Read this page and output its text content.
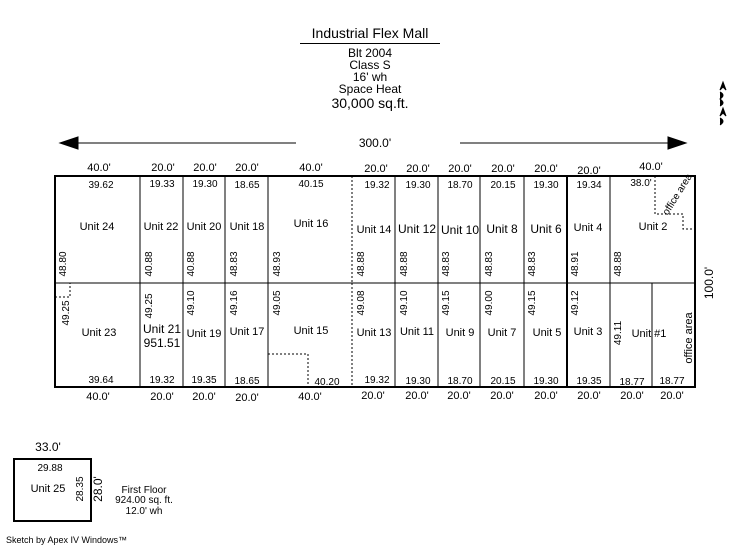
Industrial Flex Mall
Blt 2004
Class S
16' wh
Space Heat
30,000 sq.ft.
300.0'
100.0'
office area
office area
Unit 24	Unit 22 Unit 20 Unit 18	Unit 16	Unit 14 Unit 12 Unit 10 Unit 8 Unit 6 Unit 4	Unit 2
39.62	19.33 19.30 18.65	40.15	19.32 19.30 18.70 20.15 19.30 19.34	38.0'
48.80	40.88	40.88	48.83	48.93	48.88	48.88	48.83	48.83	48.83	48.91	48.88
Unit 23 Unit 21
951.51
Unit 19 Unit 17	Unit 15	Unit 13 Unit 11 Unit 9 Unit 7 Unit 5 Unit 3	Unit #1
39.64	19.32 19.35 18.65	40.20 19.32 19.30 18.70 20.15 19.30 19.35 18.77 18.77
49.25	49.25	49.10	49.16	49.05	49.08	49.10	49.15	49.00	49.15	49.12
49.11
40.0'	20.0' 20.0' 20.0'	40.0'	20.0' 20.0' 20.0' 20.0' 20.0' 20.0'	40.0'
40.0'	20.0' 20.0' 20.0'	40.0'	20.0' 20.0' 20.0' 20.0' 20.0' 20.0' 20.0' 20.0'
33.0'
29.88
Unit 25 28.35 28.0' First Floor
924.00 sq. ft.
12.0' wh
Sketch by Apex IV Windows™
